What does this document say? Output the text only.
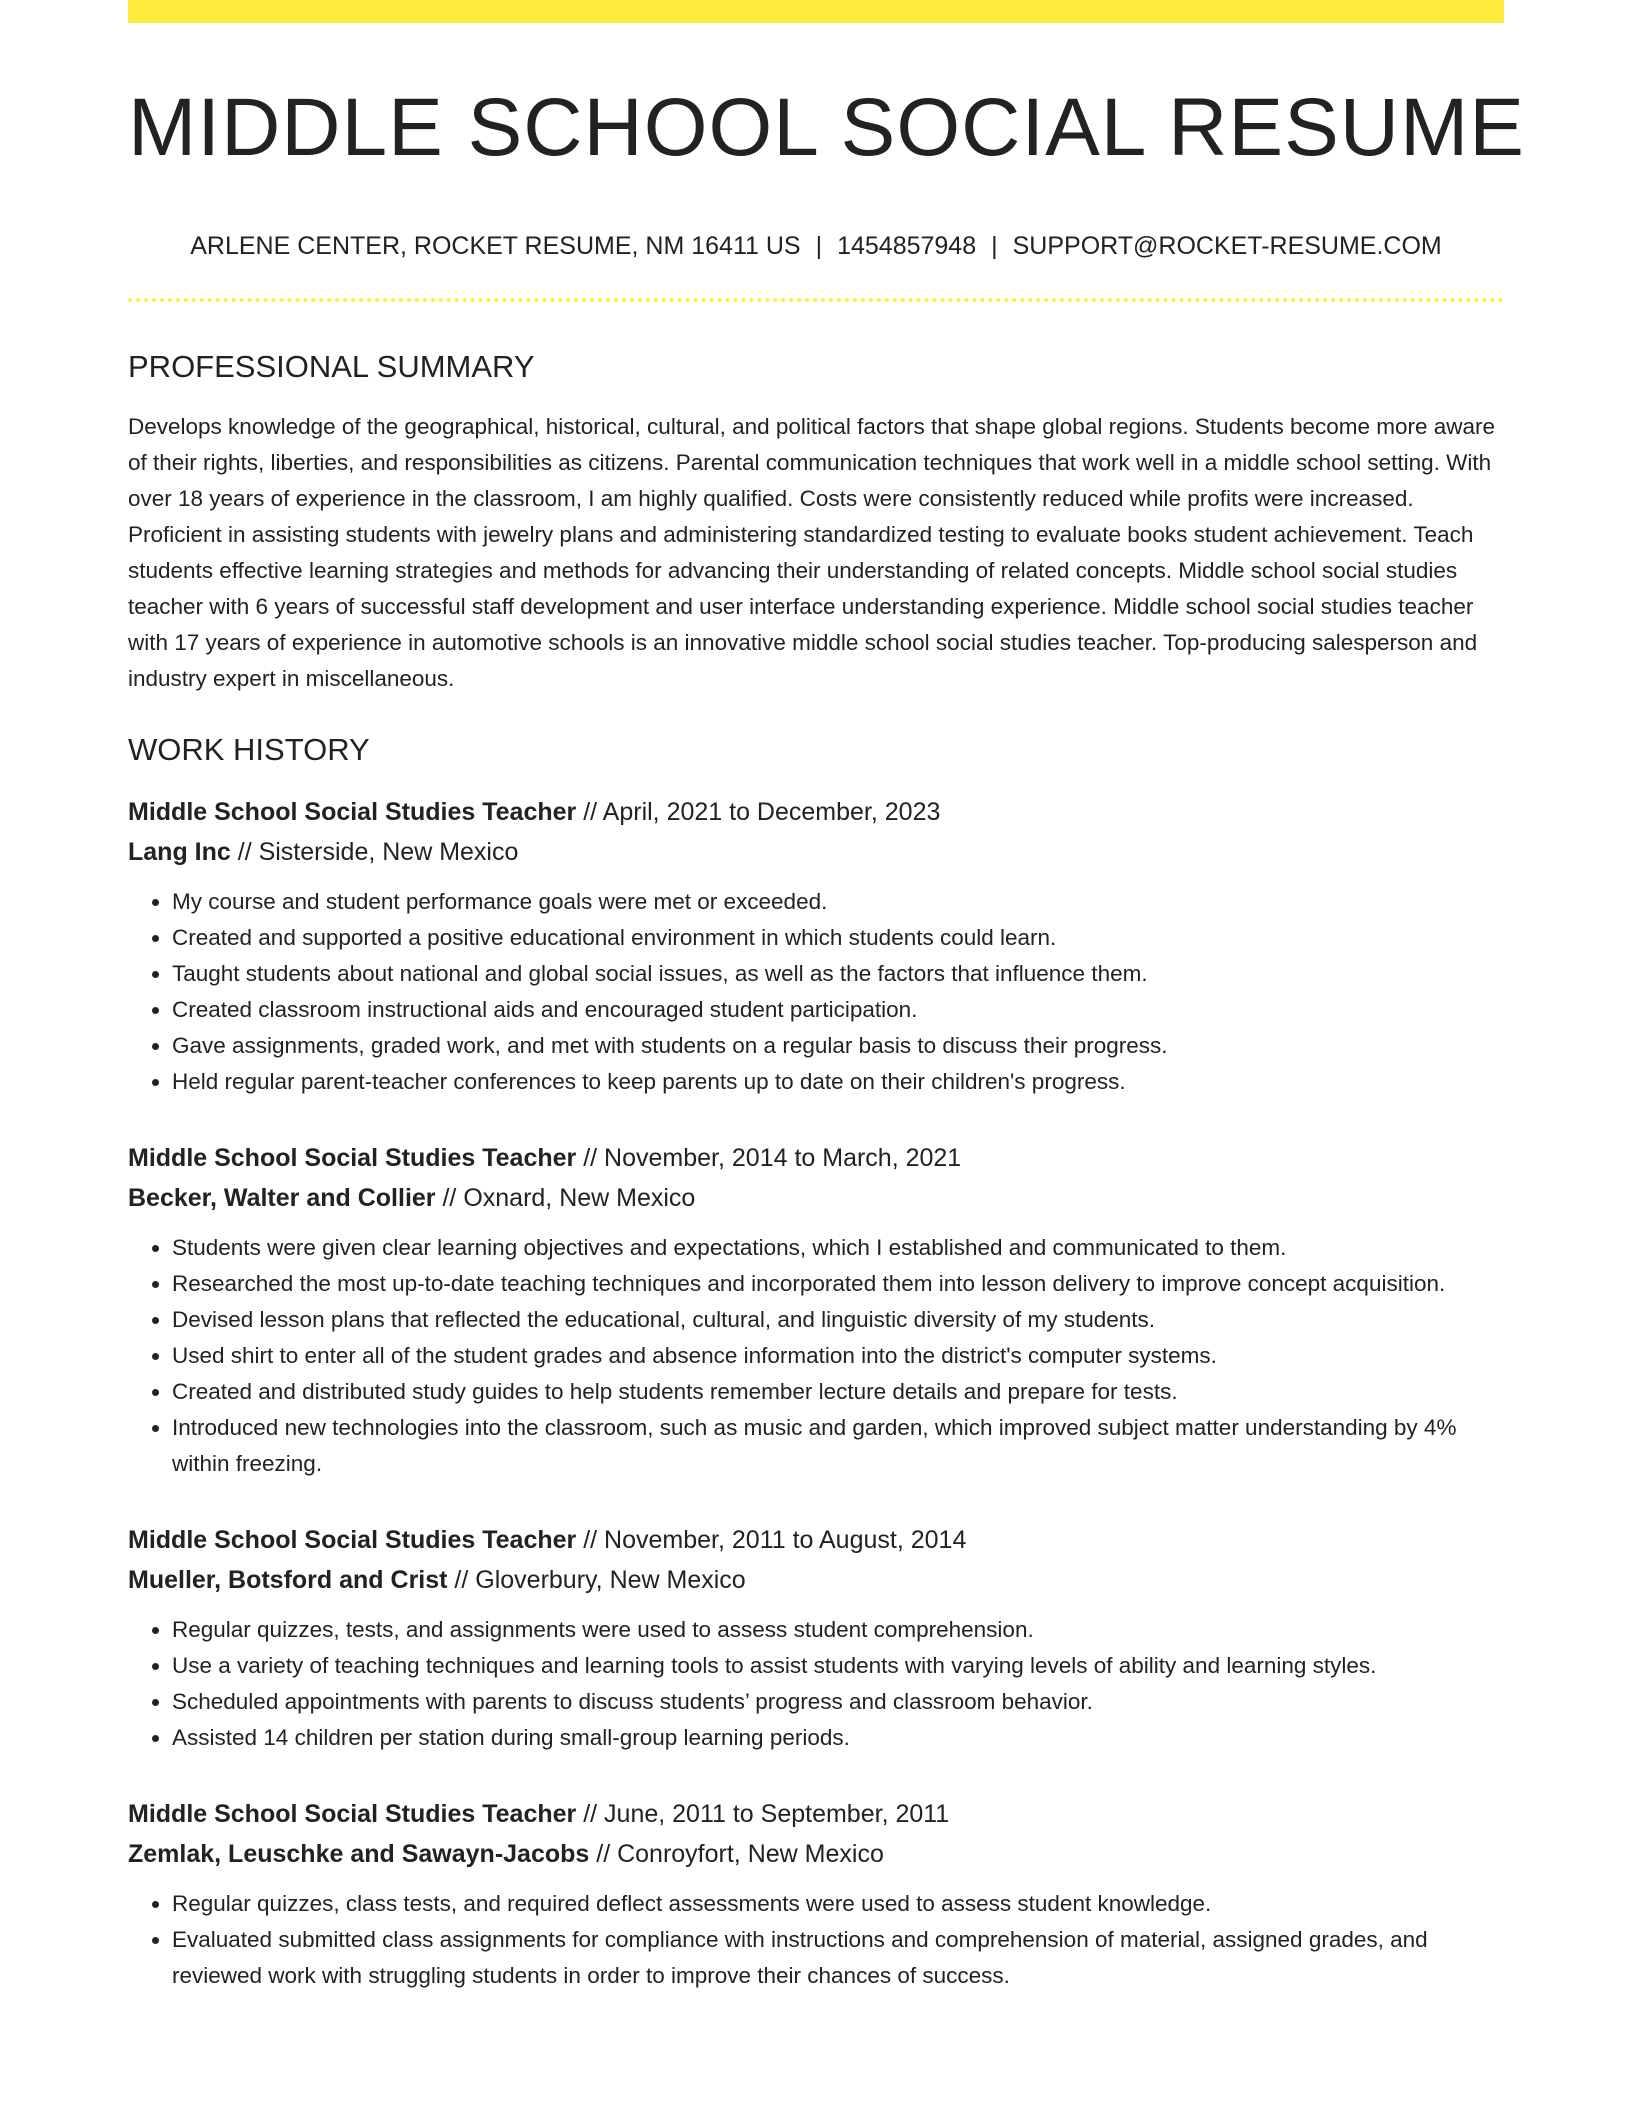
MIDDLE SCHOOL SOCIAL RESUME
ARLENE CENTER, ROCKET RESUME, NM 16411 US | 1454857948 | SUPPORT@ROCKET-RESUME.COM
PROFESSIONAL SUMMARY

Develops knowledge of the geographical, historical, cultural, and political factors that shape global regions. Students become more aware of their rights, liberties, and responsibilities as citizens. Parental communication techniques that work well in a middle school setting. With over 18 years of experience in the classroom, I am highly qualified. Costs were consistently reduced while profits were increased. Proficient in assisting students with jewelry plans and administering standardized testing to evaluate books student achievement. Teach students effective learning strategies and methods for advancing their understanding of related concepts. Middle school social studies teacher with 6 years of successful staff development and user interface understanding experience. Middle school social studies teacher with 17 years of experience in automotive schools is an innovative middle school social studies teacher. Top-producing salesperson and industry expert in miscellaneous.

WORK HISTORY
Middle School Social Studies Teacher // April, 2021 to December, 2023
Lang Inc // Sisterside, New Mexico
• My course and student performance goals were met or exceeded.
• Created and supported a positive educational environment in which students could learn.
• Taught students about national and global social issues, as well as the factors that influence them.
• Created classroom instructional aids and encouraged student participation.
• Gave assignments, graded work, and met with students on a regular basis to discuss their progress.
• Held regular parent-teacher conferences to keep parents up to date on their children's progress.
Middle School Social Studies Teacher // November, 2014 to March, 2021
Becker, Walter and Collier // Oxnard, New Mexico
• Students were given clear learning objectives and expectations, which I established and communicated to them.
• Researched the most up-to-date teaching techniques and incorporated them into lesson delivery to improve concept acquisition.
• Devised lesson plans that reflected the educational, cultural, and linguistic diversity of my students.
• Used shirt to enter all of the student grades and absence information into the district's computer systems.
• Created and distributed study guides to help students remember lecture details and prepare for tests.
• Introduced new technologies into the classroom, such as music and garden, which improved subject matter understanding by 4% within freezing.
Middle School Social Studies Teacher // November, 2011 to August, 2014
Mueller, Botsford and Crist // Gloverbury, New Mexico
• Regular quizzes, tests, and assignments were used to assess student comprehension.
• Use a variety of teaching techniques and learning tools to assist students with varying levels of ability and learning styles.
• Scheduled appointments with parents to discuss students’ progress and classroom behavior.
• Assisted 14 children per station during small-group learning periods.
Middle School Social Studies Teacher // June, 2011 to September, 2011
Zemlak, Leuschke and Sawayn-Jacobs // Conroyfort, New Mexico
• Regular quizzes, class tests, and required deflect assessments were used to assess student knowledge.
• Evaluated submitted class assignments for compliance with instructions and comprehension of material, assigned grades, and reviewed work with struggling students in order to improve their chances of success.
